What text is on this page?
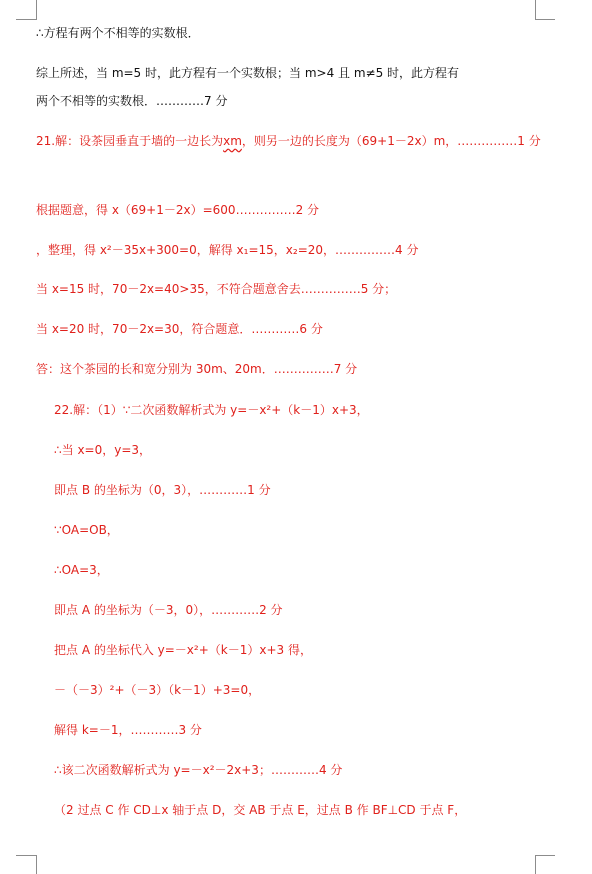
∴方程有两个不相等的实数根．
综上所述，当 m=5 时，此方程有一个实数根；当 m>4 且 m≠5 时，此方程有
两个不相等的实数根．…………7 分
21.解：设茶园垂直于墙的一边长为xm，则另一边的长度为（69+1－2x）m，……………1 分
根据题意，得 x（69+1－2x）=600……………2 分
，整理，得 x²－35x+300=0，解得 x₁=15，x₂=20，……………4 分
当 x=15 时，70－2x=40>35，不符合题意舍去……………5 分；
当 x=20 时，70－2x=30，符合题意．…………6 分
答：这个茶园的长和宽分别为 30m、20m．……………7 分
22.解：（1）∵二次函数解析式为 y=－x²+（k－1）x+3，
∴当 x=0，y=3，
即点 B 的坐标为（0，3），…………1 分
∵OA=OB，
∴OA=3，
即点 A 的坐标为（－3，0），…………2 分
把点 A 的坐标代入 y=－x²+（k－1）x+3 得，
－（－3）²+（－3）（k－1）+3=0，
解得 k=－1，…………3 分
∴该二次函数解析式为 y=－x²－2x+3；…………4 分
（2 过点 C 作 CD⊥x 轴于点 D，交 AB 于点 E，过点 B 作 BF⊥CD 于点 F，
